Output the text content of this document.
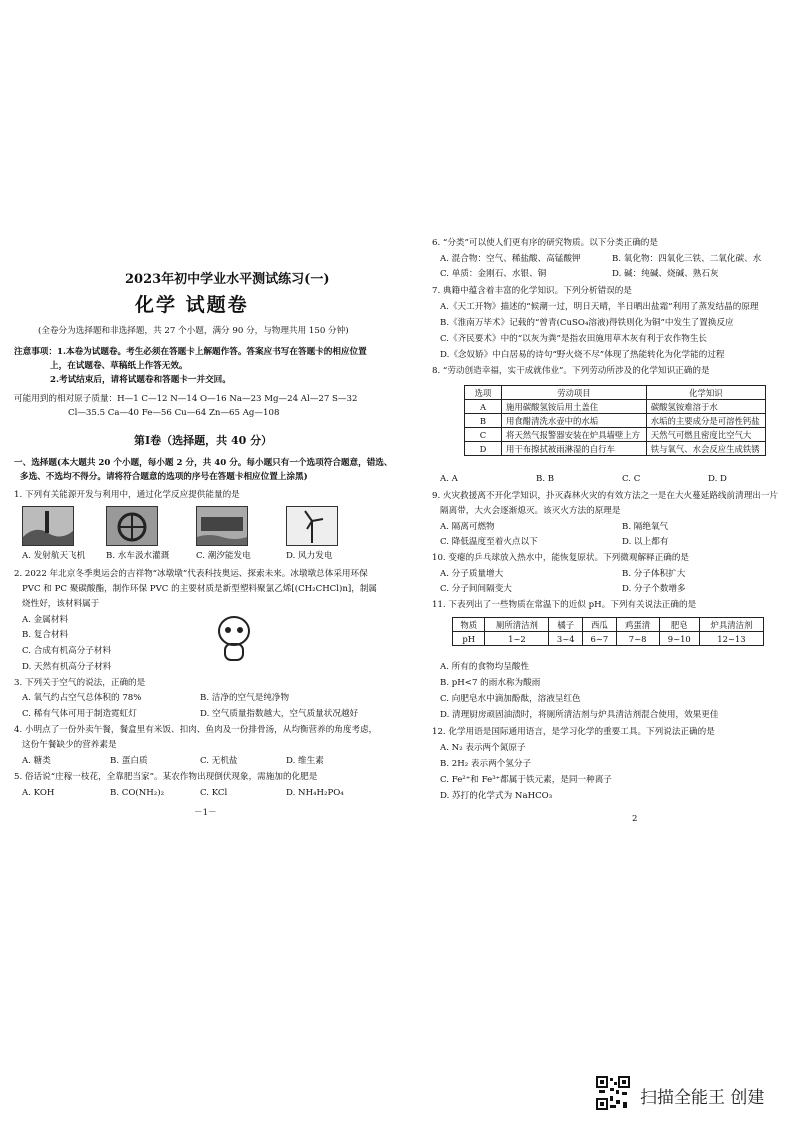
2023年初中学业水平测试练习(一)
化学 试题卷
(全卷分为选择题和非选择题，共 27 个小题，满分 90 分，与物理共用 150 分钟)
注意事项：1.本卷为试题卷。考生必须在答题卡上解题作答。答案应书写在答题卡的相应位置
上，在试题卷、草稿纸上作答无效。
2.考试结束后，请将试题卷和答题卡一并交回。
可能用到的相对原子质量：H—1 C—12 N—14 O—16 Na—23 Mg—24 Al—27 S—32
Cl—35.5 Ca—40 Fe—56 Cu—64 Zn—65 Ag—108
第Ⅰ卷（选择题，共 40 分）
一、选择题(本大题共 20 个小题，每小题 2 分，共 40 分。每小题只有一个选项符合题意，错选、
多选、不选均不得分。请将符合题意的选项的序号在答题卡相应位置上涂黑)
1. 下列有关能源开发与利用中，通过化学反应提供能量的是
A. 发射航天飞机 B. 水车汲水灌溉	C. 潮汐能发电	D. 风力发电
2. 2022 年北京冬季奥运会的吉祥物“冰墩墩”代表科技奥运、探索未来。冰墩墩总体采用环保
PVC 和 PC 聚碳酸酯，制作环保 PVC 的主要材质是新型塑料聚氯乙烯[(CH₂CHCl)n]，制属
烧性好，该材料属于
A. 金属材料
B. 复合材料
C. 合成有机高分子材料
D. 天然有机高分子材料
3. 下列关于空气的说法，正确的是
A. 氧气约占空气总体积的 78%	B. 洁净的空气是纯净物
C. 稀有气体可用于制造霓虹灯	D. 空气质量指数越大，空气质量状况越好
4. 小明点了一份外卖午餐，餐盒里有米饭、扣肉、鱼肉及一份排骨汤，从均衡营养的角度考虑，
这份午餐缺少的营养素是
A. 糖类	B. 蛋白质	C. 无机盐	D. 维生素
5. 俗话说“庄稼一枝花，全靠肥当家”。某农作物出现倒伏现象，需施加的化肥是
A. KOH	B. CO(NH₂)₂	C. KCl	D. NH₄H₂PO₄
－1－
6. “分类”可以使人们更有序的研究物质。以下分类正确的是
A. 混合物：空气、稀盐酸、高锰酸钾	B. 氧化物：四氧化三铁、二氧化碳、水
C. 单质：金刚石、水银、铜	D. 碱：纯碱、烧碱、熟石灰
7. 典籍中蕴含着丰富的化学知识。下列分析错误的是
A.《天工开物》描述的“候潮一过，明日天晴，半日晒出盐霜”利用了蒸发结晶的原理
B.《淮南万毕术》记载的“曾青(CuSO₄溶液)得铁则化为铜”中发生了置换反应
C.《齐民要术》中的“以灰为粪”是指农田施用草木灰有利于农作物生长
D.《念奴娇》中白居易的诗句“野火烧不尽”体现了热能转化为化学能的过程
8. “劳动创造幸福，实干成就伟业”。下列劳动所涉及的化学知识正确的是
选项	劳动项目	化学知识
A	施用碳酸氢铵后用土盖住	碳酸氢铵难溶于水
B	用食醋清洗水壶中的水垢	水垢的主要成分是可溶性钙盐
C	将天然气报警器安装在炉具墙壁上方	天然气可燃且密度比空气大
D	用干布擦拭被雨淋湿的自行车	铁与氧气、水会反应生成铁锈
A. A	B. B	C. C	D. D
9. 火灾救援离不开化学知识，扑灭森林火灾的有效方法之一是在大火蔓延路线前清理出一片
隔离带，大火会逐渐熄灭。该灭火方法的原理是
A. 隔离可燃物	B. 隔绝氧气
C. 降低温度至着火点以下	D. 以上都有
10. 变瘪的乒乓球放入热水中，能恢复原状。下列微观解释正确的是
A. 分子质量增大	B. 分子体积扩大
C. 分子间间隔变大	D. 分子个数增多
11. 下表列出了一些物质在常温下的近似 pH。下列有关说法正确的是
物质	厕所清洁剂	橘子	西瓜	鸡蛋清	肥皂	炉具清洁剂
pH	1~2	3~4	6~7	7~8	9~10	12~13
A. 所有的食物均呈酸性
B. pH<7 的雨水称为酸雨
C. 向肥皂水中滴加酚酞，溶液呈红色
D. 清理厨房顽固油渍时，将厕所清洁剂与炉具清洁剂混合使用，效果更佳
12. 化学用语是国际通用语言，是学习化学的重要工具。下列说法正确的是
A. N₂ 表示两个氮原子
B. 2H₂ 表示两个氢分子
C. Fe²⁺和 Fe³⁺都属于铁元素，是同一种离子
D. 苏打的化学式为 NaHCO₃
2
扫描全能王 创建
